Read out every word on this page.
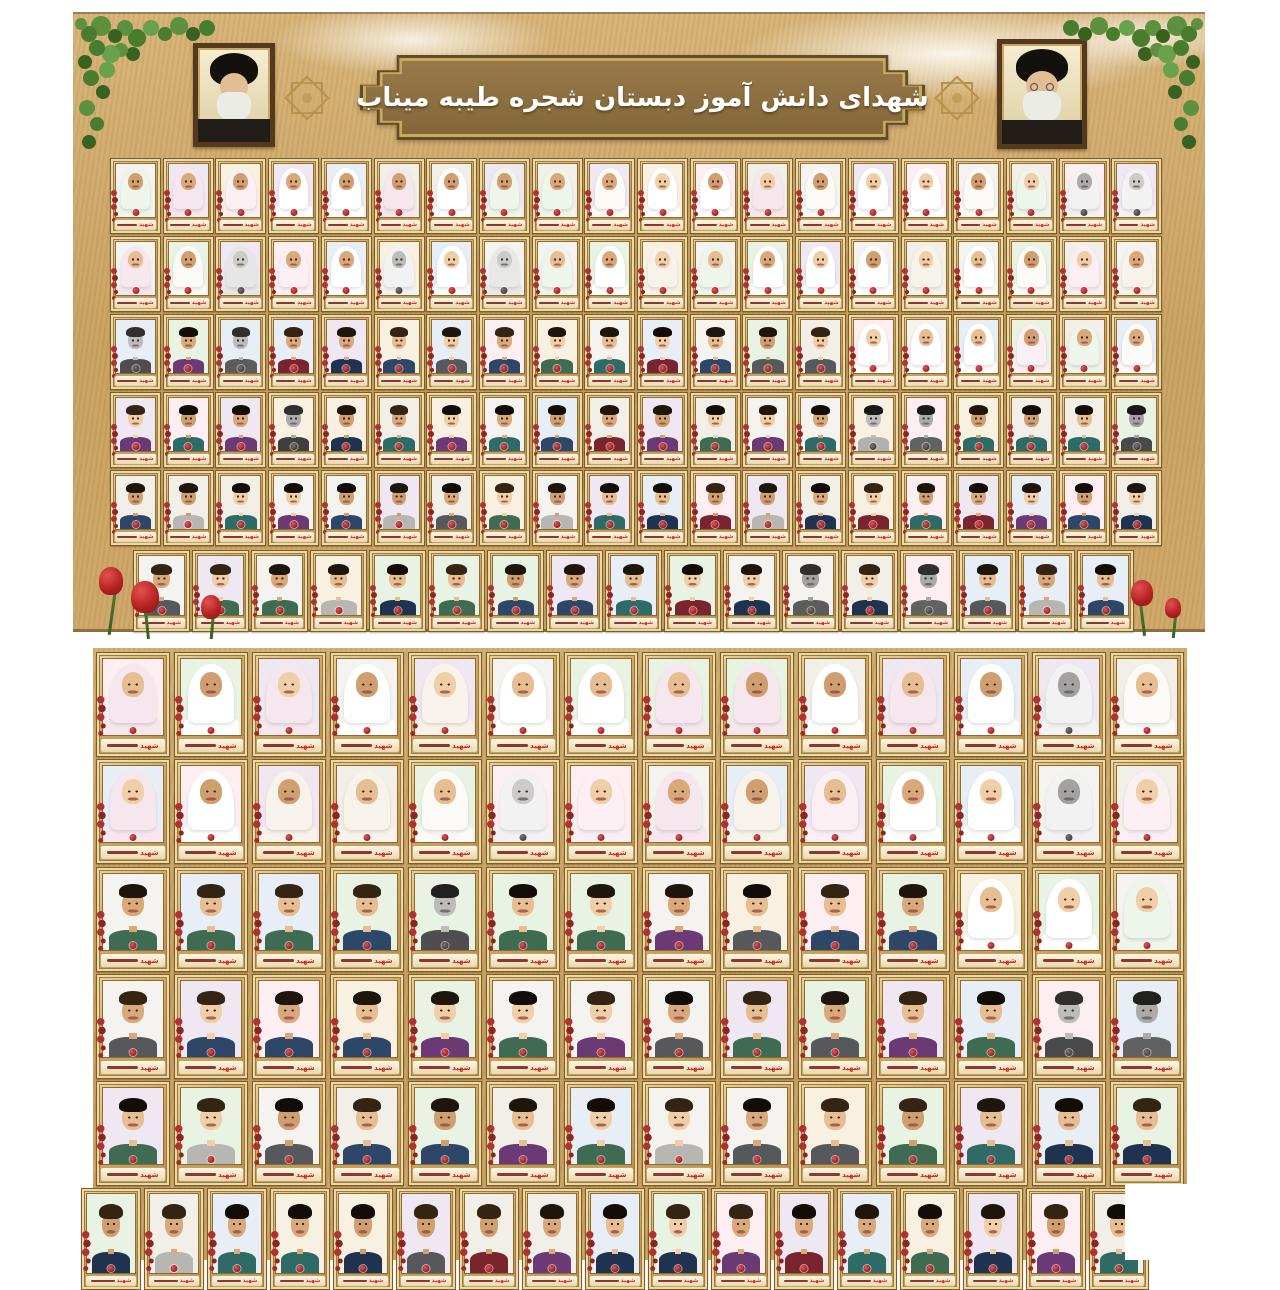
شهدای دانش آموز دبستان شجره طیبه میناب
شهید	شهید	شهید	شهید	شهید	شهید	شهید	شهید	شهید	شهید	شهید	شهید	شهید	شهید	شهید	شهید	شهید	شهید	شهید	شهید
شهید	شهید	شهید	شهید	شهید	شهید	شهید	شهید	شهید	شهید	شهید	شهید	شهید	شهید	شهید	شهید	شهید	شهید	شهید	شهید
شهید	شهید	شهید	شهید	شهید	شهید	شهید	شهید	شهید	شهید	شهید	شهید	شهید	شهید	شهید	شهید	شهید	شهید	شهید	شهید
شهید	شهید	شهید	شهید	شهید	شهید	شهید	شهید	شهید	شهید	شهید	شهید	شهید	شهید	شهید	شهید	شهید	شهید	شهید	شهید
شهید	شهید	شهید	شهید	شهید	شهید	شهید	شهید	شهید	شهید	شهید	شهید	شهید	شهید	شهید	شهید	شهید	شهید	شهید	شهید
شهید	شهید	شهید	شهید	شهید	شهید	شهید	شهید	شهید	شهید	شهید	شهید	شهید	شهید	شهید	شهید	شهید
شهید	شهید	شهید	شهید	شهید	شهید	شهید	شهید	شهید	شهید	شهید	شهید	شهید	شهید
شهید	شهید	شهید	شهید	شهید	شهید	شهید	شهید	شهید	شهید	شهید	شهید	شهید	شهید
شهید	شهید	شهید	شهید	شهید	شهید	شهید	شهید	شهید	شهید	شهید	شهید	شهید	شهید
شهید	شهید	شهید	شهید	شهید	شهید	شهید	شهید	شهید	شهید	شهید	شهید	شهید	شهید
شهید	شهید	شهید	شهید	شهید	شهید	شهید	شهید	شهید	شهید	شهید	شهید	شهید	شهید
شهید	شهید	شهید	شهید	شهید	شهید	شهید	شهید	شهید	شهید	شهید	شهید	شهید	شهید	شهید	شهید	شهید
